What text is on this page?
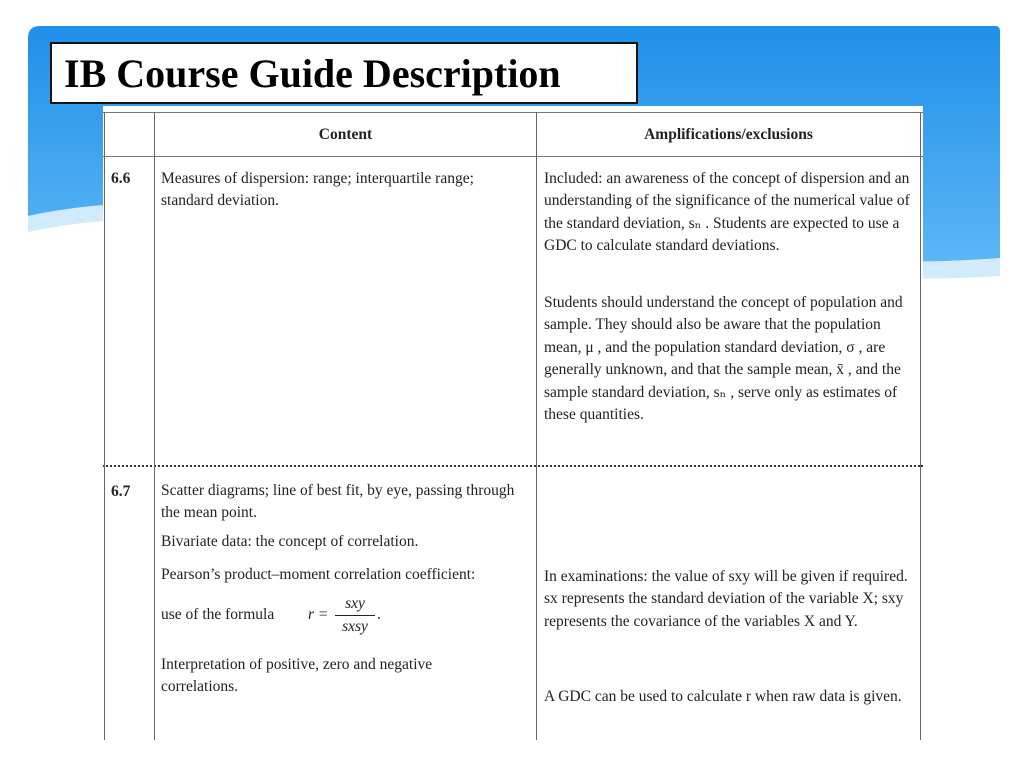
IB Course Guide Description
Content	Amplifications/exclusions
6.6 Measures of dispersion: range; interquartile range; standard deviation.

Included: an awareness of the concept of dispersion and an understanding of the significance of the numerical value of the standard deviation, sₙ . Students are expected to use a GDC to calculate standard deviations.

Students should understand the concept of population and sample. They should also be aware that the population mean, μ , and the population standard deviation, σ , are generally unknown, and that the sample mean, x̄ , and the sample standard deviation, sₙ , serve only as estimates of these quantities.

6.7 Scatter diagrams; line of best fit, by eye, passing through the mean point.

Bivariate data: the concept of correlation.

Pearson’s product–moment correlation coefficient:

use of the formula r =
sxy
sxsy
.

Interpretation of positive, zero and negative correlations.

In examinations: the value of sxy will be given if required. sx represents the standard deviation of the variable X; sxy represents the covariance of the variables X and Y.

A GDC can be used to calculate r when raw data is given.
